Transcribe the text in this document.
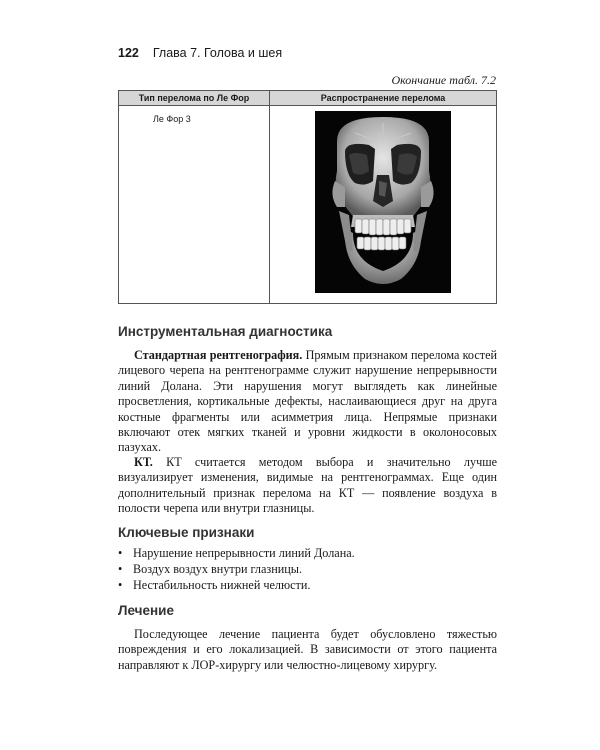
122 Глава 7. Голова и шея
Окончание табл. 7.2
Тип перелома по Ле Фор	Распространение перелома

Ле Фор 3

Инструментальная диагностика

Стандартная рентгенография. Прямым признаком перелома костей лицевого черепа на рентгенограмме служит нарушение непрерывности линий Долана. Эти нарушения могут выглядеть как линейные просветления, кортикальные дефекты, наслаивающиеся друг на друга костные фрагменты или асимметрия лица. Непрямые признаки включают отек мягких тканей и уровни жидкости в околоносовых пазухах.

КТ. КТ считается методом выбора и значительно лучше визуализирует изменения, видимые на рентгенограммах. Еще один дополнительный признак перелома на КТ — появление воздуха в полости черепа или внутри глазницы.

Ключевые признаки
• Нарушение непрерывности линий Долана.
• Воздух воздух внутри глазницы.
• Нестабильность нижней челюсти.
Лечение

Последующее лечение пациента будет обусловлено тяжестью повреждения и его локализацией. В зависимости от этого пациента направляют к ЛОР-хирургу или челюстно-лицевому хирургу.
